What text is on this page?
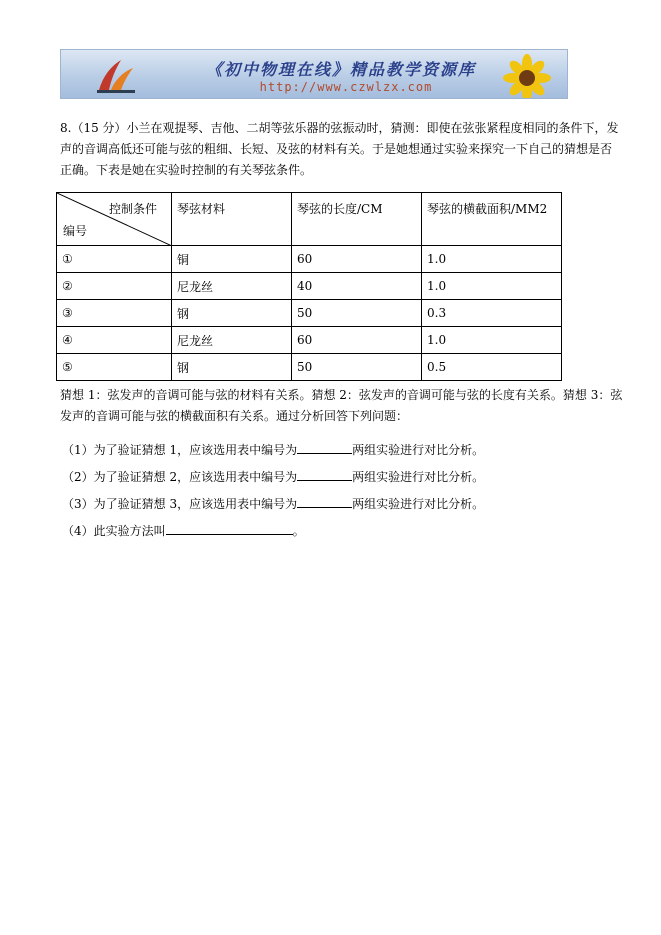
《初中物理在线》精品教学资源库
http://www.czwlzx.com
8.（15 分）小兰在观提琴、吉他、二胡等弦乐器的弦振动时，猜测：即使在弦张紧程度相同的条件下，发
声的音调高低还可能与弦的粗细、长短、及弦的材料有关。于是她想通过实验来探究一下自己的猜想是否
正确。下表是她在实验时控制的有关琴弦条件。
控制条件
编号	琴弦材料	琴弦的长度/CM	琴弦的横截面积/MM2
①	铜	60	1.0
②	尼龙丝	40	1.0
③	钢	50	0.3
④	尼龙丝	60	1.0
⑤	钢	50	0.5
猜想 1：弦发声的音调可能与弦的材料有关系。猜想 2：弦发声的音调可能与弦的长度有关系。猜想 3：弦
发声的音调可能与弦的横截面积有关系。通过分析回答下列问题：
（1）为了验证猜想 1，应该选用表中编号为	两组实验进行对比分析。
（2）为了验证猜想 2，应该选用表中编号为	两组实验进行对比分析。
（3）为了验证猜想 3，应该选用表中编号为	两组实验进行对比分析。
（4）此实验方法叫	。
